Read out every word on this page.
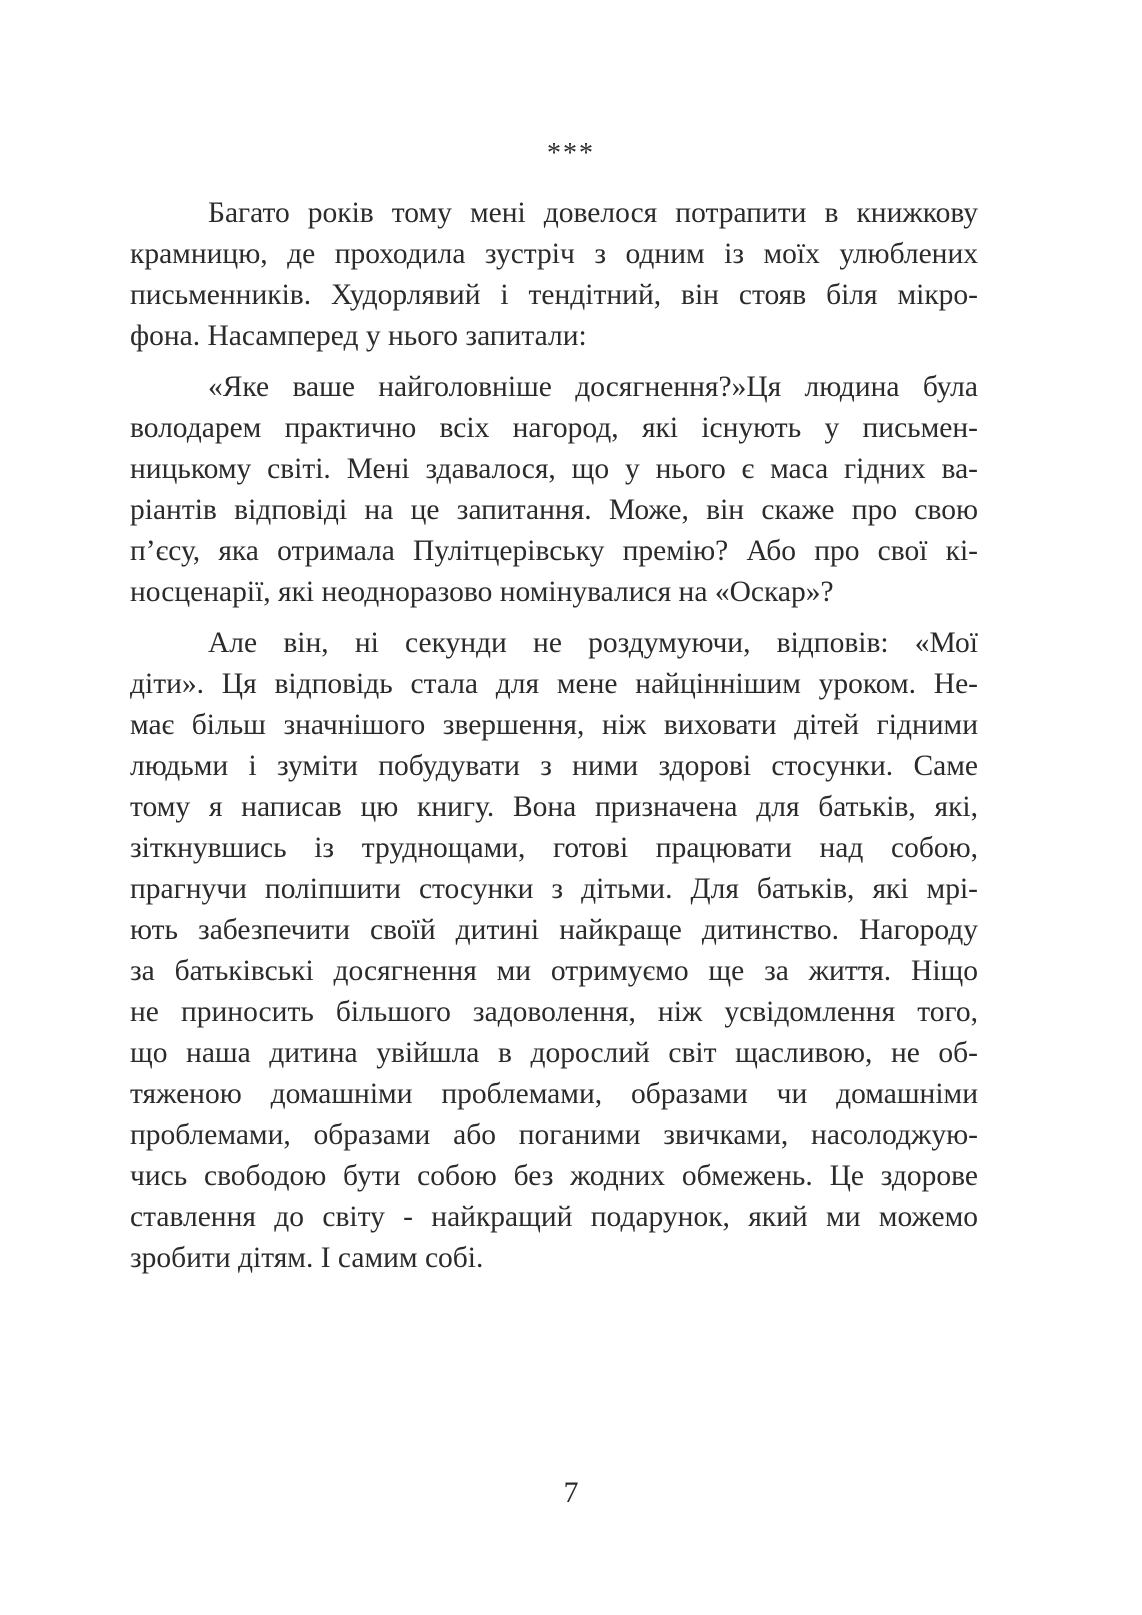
***
Багато років тому мені довелося потрапити в книжкову
крамницю, де проходила зустріч з одним із моїх улюблених
письменників. Худорлявий і тендітний, він стояв біля мікро-
фона. Насамперед у нього запитали:
«Яке ваше найголовніше досягнення?»Ця людина була
володарем практично всіх нагород, які існують у письмен-
ницькому світі. Мені здавалося, що у нього є маса гідних ва-
ріантів відповіді на це запитання. Може, він скаже про свою
п’єсу, яка отримала Пулітцерівську премію? Або про свої кі-
носценарії, які неодноразово номінувалися на «Оскар»?
Але він, ні секунди не роздумуючи, відповів: «Мої
діти». Ця відповідь стала для мене найціннішим уроком. Не-
має більш значнішого звершення, ніж виховати дітей гідними
людьми і зуміти побудувати з ними здорові стосунки. Саме
тому я написав цю книгу. Вона призначена для батьків, які,
зіткнувшись із труднощами, готові працювати над собою,
прагнучи поліпшити стосунки з дітьми. Для батьків, які мрі-
ють забезпечити своїй дитині найкраще дитинство. Нагороду
за батьківські досягнення ми отримуємо ще за життя. Ніщо
не приносить більшого задоволення, ніж усвідомлення того,
що наша дитина увійшла в дорослий світ щасливою, не об-
тяженою домашніми проблемами, образами чи домашніми
проблемами, образами або поганими звичками, насолоджую-
чись свободою бути собою без жодних обмежень. Це здорове
ставлення до світу - найкращий подарунок, який ми можемо
зробити дітям. І самим собі.
7
